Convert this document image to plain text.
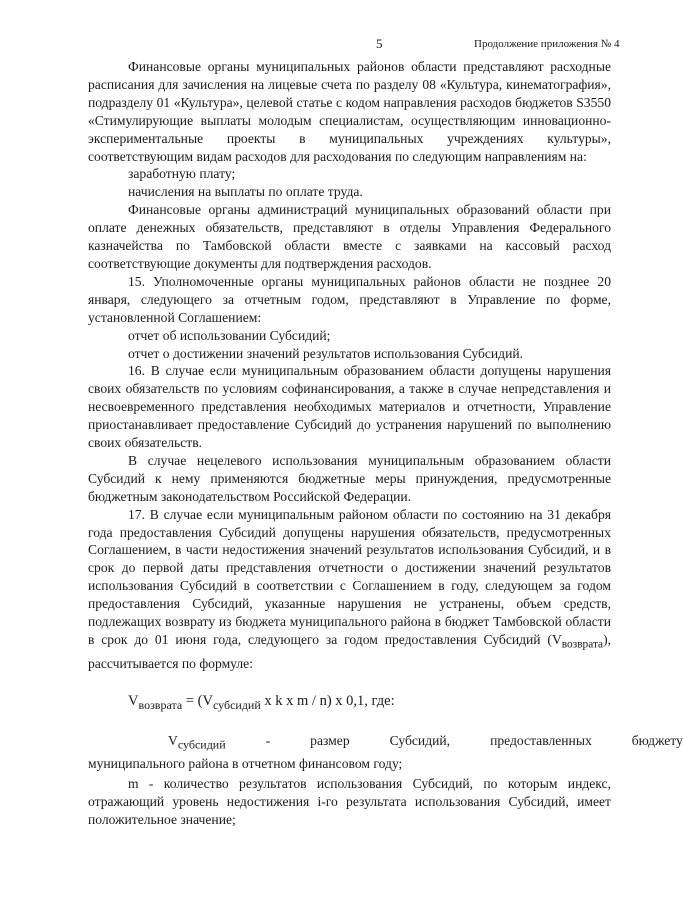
5	Продолжение приложения № 4

Финансовые органы муниципальных районов области представляют расходные расписания для зачисления на лицевые счета по разделу 08 «Культура, кинематография», подразделу 01 «Культура», целевой статье с кодом направления расходов бюджетов S3550 «Стимулирующие выплаты молодым специалистам, осуществляющим инновационно-экспериментальные проекты в муниципальных учреждениях культуры», соответствующим видам расходов для расходования по следующим направлениям на:

заработную плату;

начисления на выплаты по оплате труда.

Финансовые органы администраций муниципальных образований области при оплате денежных обязательств, представляют в отделы Управления Федерального казначейства по Тамбовской области вместе с заявками на кассовый расход соответствующие документы для подтверждения расходов.

15. Уполномоченные органы муниципальных районов области не позднее 20 января, следующего за отчетным годом, представляют в Управление по форме, установленной Соглашением:

отчет об использовании Субсидий;

отчет о достижении значений результатов использования Субсидий.

16. В случае если муниципальным образованием области допущены нарушения своих обязательств по условиям софинансирования, а также в случае непредставления и несвоевременного представления необходимых материалов и отчетности, Управление приостанавливает предоставление Субсидий до устранения нарушений по выполнению своих обязательств.

В случае нецелевого использования муниципальным образованием области Субсидий к нему применяются бюджетные меры принуждения, предусмотренные бюджетным законодательством Российской Федерации.

17. В случае если муниципальным районом области по состоянию на 31 декабря года предоставления Субсидий допущены нарушения обязательств, предусмотренных Соглашением, в части недостижения значений результатов использования Субсидий, и в срок до первой даты представления отчетности о достижении значений результатов использования Субсидий в соответствии с Соглашением в году, следующем за годом предоставления Субсидий, указанные нарушения не устранены, объем средств, подлежащих возврату из бюджета муниципального района в бюджет Тамбовской области в срок до 01 июня года, следующего за годом предоставления Субсидий $(V_{возврата})$, рассчитывается по формуле:

$V_{возврата} = (V_{субсидий}$ x k x m / n) x 0,1, где:

$V_{субсидий}$	-	размер	Субсидий,	предоставленных	бюджету

муниципального района в отчетном финансовом году;

m - количество результатов использования Субсидий, по которым индекс, отражающий уровень недостижения i-го результата использования Субсидий, имеет положительное значение;
